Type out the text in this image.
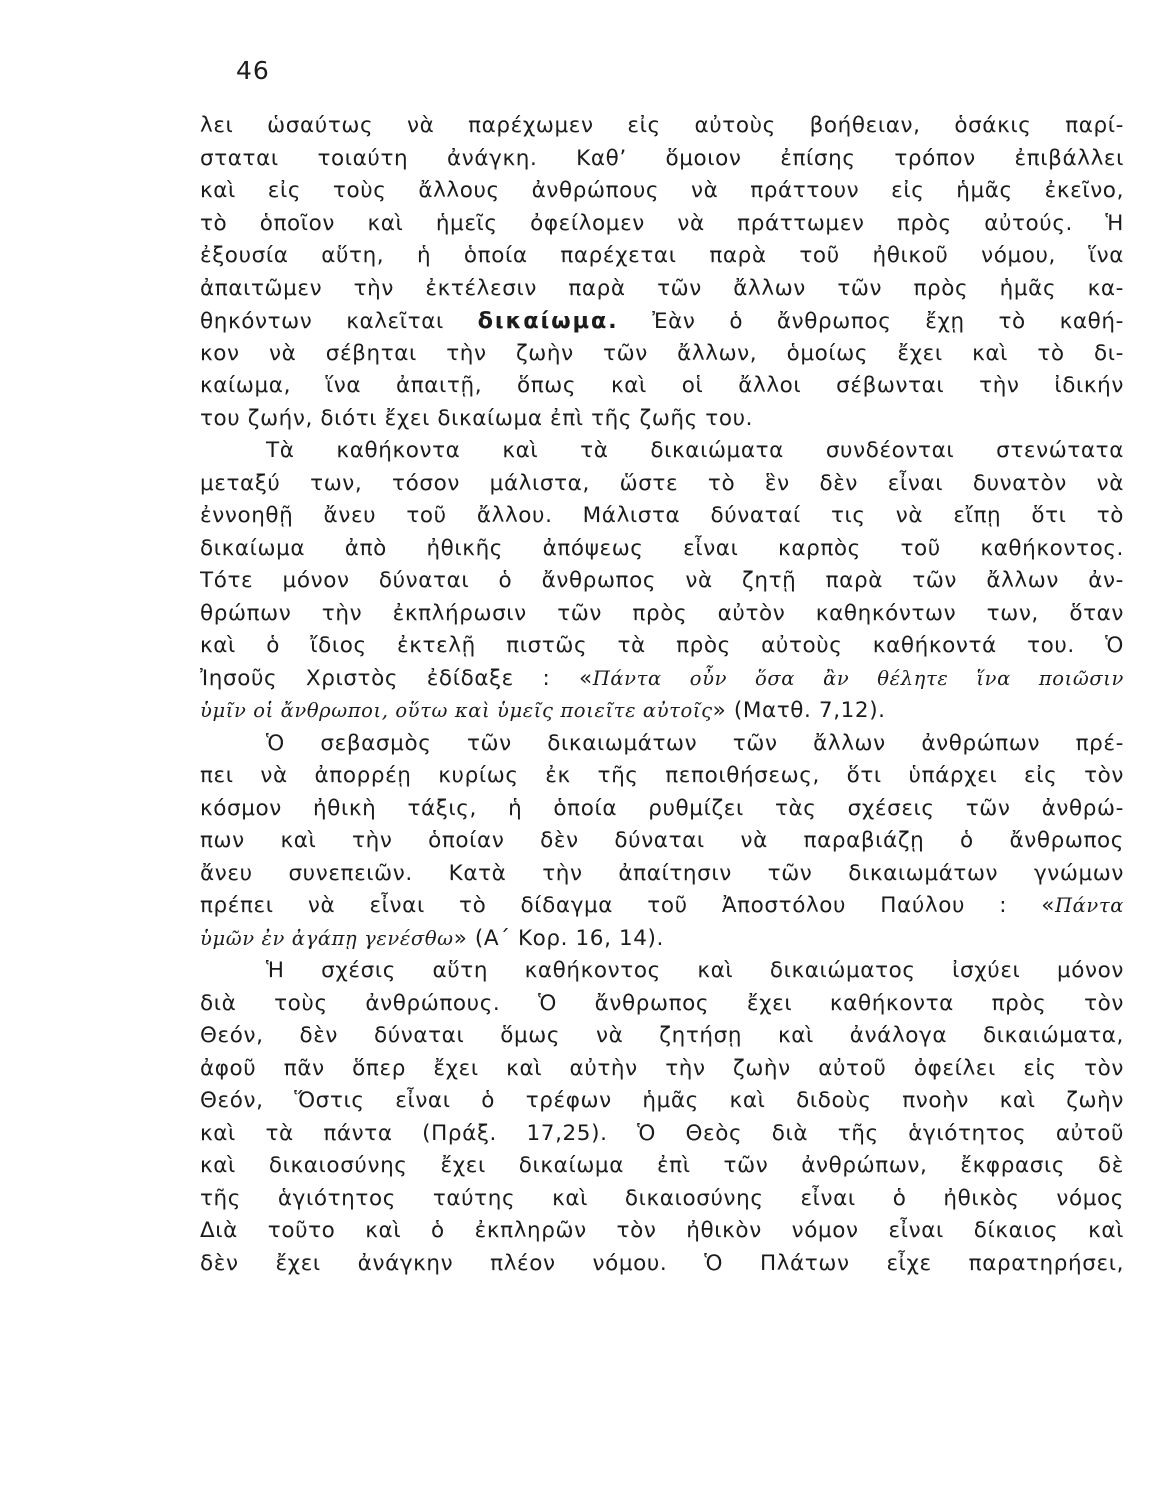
46
λει ὡσαύτως νὰ παρέχωμεν εἰς αὐτοὺς βοήθειαν, ὁσάκις παρί-
σταται τοιαύτη ἀνάγκη. Καθ’ ὅμοιον ἐπίσης τρόπον ἐπιβάλλει
καὶ εἰς τοὺς ἄλλους ἀνθρώπους νὰ πράττουν εἰς ἡμᾶς ἐκεῖνο,
τὸ ὁποῖον καὶ ἡμεῖς ὀφείλομεν νὰ πράττωμεν πρὸς αὐτούς. Ἡ
ἐξουσία αὕτη, ἡ ὁποία παρέχεται παρὰ τοῦ ἠθικοῦ νόμου, ἵνα
ἀπαιτῶμεν τὴν ἐκτέλεσιν παρὰ τῶν ἄλλων τῶν πρὸς ἡμᾶς κα-
θηκόντων καλεῖται δικαίωμα. Ἐὰν ὁ ἄνθρωπος ἔχῃ τὸ καθή-
κον νὰ σέβηται τὴν ζωὴν τῶν ἄλλων, ὁμοίως ἔχει καὶ τὸ δι-
καίωμα, ἵνα ἀπαιτῇ, ὅπως καὶ οἱ ἄλλοι σέβωνται τὴν ἰδικήν
του ζωήν, διότι ἔχει δικαίωμα ἐπὶ τῆς ζωῆς του.
Τὰ καθήκοντα καὶ τὰ δικαιώματα συνδέονται στενώτατα
μεταξύ των, τόσον μάλιστα, ὥστε τὸ ἓν δὲν εἶναι δυνατὸν νὰ
ἐννοηθῇ ἄνευ τοῦ ἄλλου. Μάλιστα δύναταί τις νὰ εἴπῃ ὅτι τὸ
δικαίωμα ἀπὸ ἠθικῆς ἀπόψεως εἶναι καρπὸς τοῦ καθήκοντος.
Τότε μόνον δύναται ὁ ἄνθρωπος νὰ ζητῇ παρὰ τῶν ἄλλων ἀν-
θρώπων τὴν ἐκπλήρωσιν τῶν πρὸς αὐτὸν καθηκόντων των, ὅταν
καὶ ὁ ἴδιος ἐκτελῇ πιστῶς τὰ πρὸς αὐτοὺς καθήκοντά του. Ὁ
Ἰησοῦς Χριστὸς ἐδίδαξε : «Πάντα οὖν ὅσα ἂν θέλητε ἵνα ποιῶσιν
ὑμῖν οἱ ἄνθρωποι, οὕτω καὶ ὑμεῖς ποιεῖτε αὐτοῖς» (Ματθ. 7,12).
Ὁ σεβασμὸς τῶν δικαιωμάτων τῶν ἄλλων ἀνθρώπων πρέ-
πει νὰ ἀπορρέῃ κυρίως ἐκ τῆς πεποιθήσεως, ὅτι ὑπάρχει εἰς τὸν
κόσμον ἠθικὴ τάξις, ἡ ὁποία ρυθμίζει τὰς σχέσεις τῶν ἀνθρώ-
πων καὶ τὴν ὁποίαν δὲν δύναται νὰ παραβιάζῃ ὁ ἄνθρωπος
ἄνευ συνεπειῶν. Κατὰ τὴν ἀπαίτησιν τῶν δικαιωμάτων γνώμων
πρέπει νὰ εἶναι τὸ δίδαγμα τοῦ Ἀποστόλου Παύλου : «Πάντα
ὑμῶν ἐν ἀγάπῃ γενέσθω» (Α΄ Κορ. 16, 14).
Ἡ σχέσις αὕτη καθήκοντος καὶ δικαιώματος ἰσχύει μόνον
διὰ τοὺς ἀνθρώπους. Ὁ ἄνθρωπος ἔχει καθήκοντα πρὸς τὸν
Θεόν, δὲν δύναται ὅμως νὰ ζητήσῃ καὶ ἀνάλογα δικαιώματα,
ἀφοῦ πᾶν ὅπερ ἔχει καὶ αὐτὴν τὴν ζωὴν αὐτοῦ ὀφείλει εἰς τὸν
Θεόν, Ὅστις εἶναι ὁ τρέφων ἡμᾶς καὶ διδοὺς πνοὴν καὶ ζωὴν
καὶ τὰ πάντα (Πράξ. 17,25). Ὁ Θεὸς διὰ τῆς ἁγιότητος αὐτοῦ
καὶ δικαιοσύνης ἔχει δικαίωμα ἐπὶ τῶν ἀνθρώπων, ἔκφρασις δὲ
τῆς ἁγιότητος ταύτης καὶ δικαιοσύνης εἶναι ὁ ἠθικὸς νόμος
Διὰ τοῦτο καὶ ὁ ἐκπληρῶν τὸν ἠθικὸν νόμον εἶναι δίκαιος καὶ
δὲν ἔχει ἀνάγκην πλέον νόμου. Ὁ Πλάτων εἶχε παρατηρήσει,
